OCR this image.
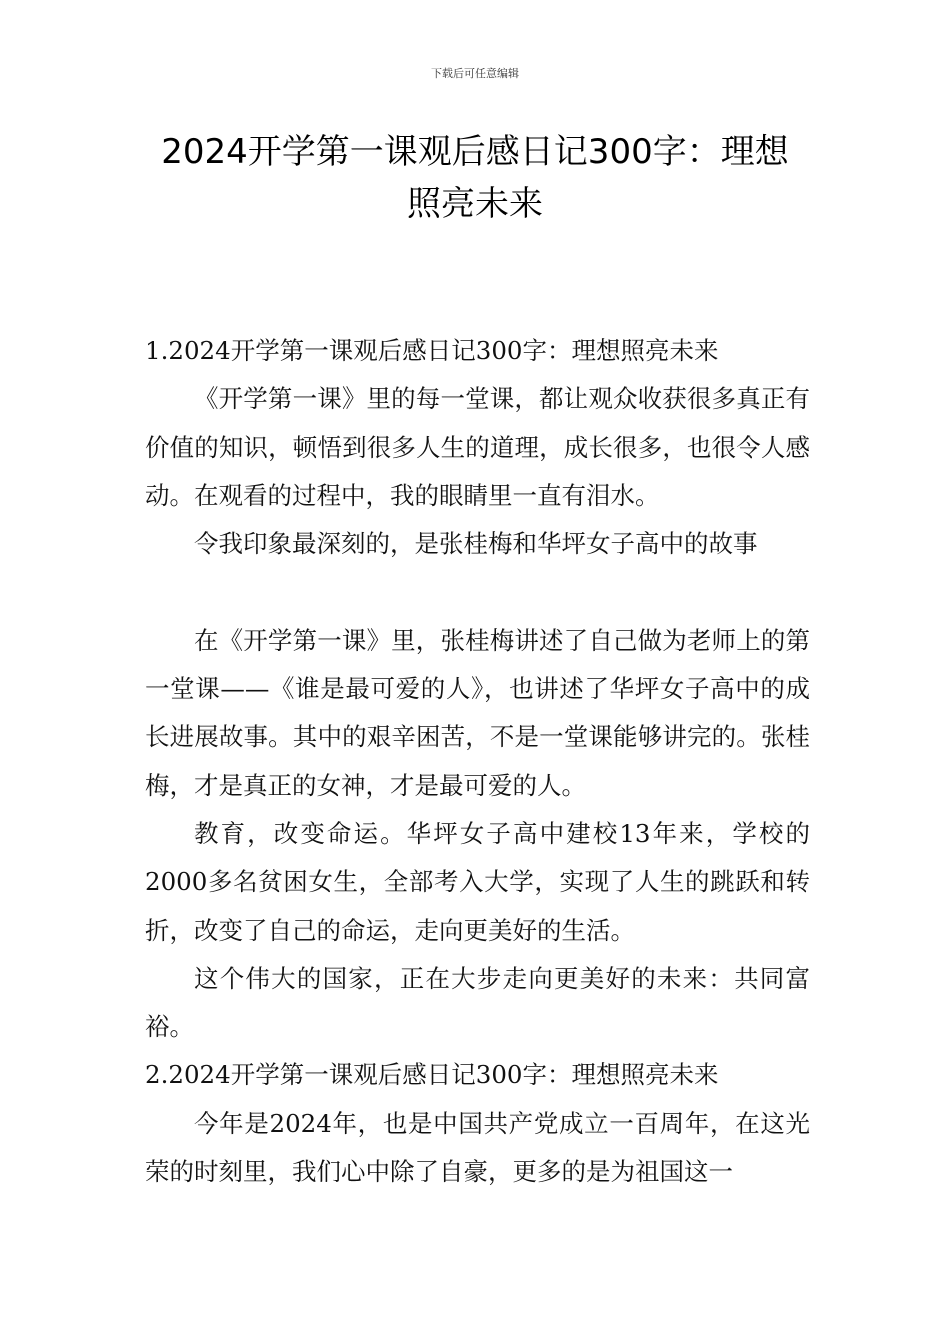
下载后可任意编辑
2024开学第一课观后感日记300字：理想
照亮未来

1.2024开学第一课观后感日记300字：理想照亮未来

《开学第一课》里的每一堂课，都让观众收获很多真正有价值的知识，顿悟到很多人生的道理，成长很多，也很令人感动。在观看的过程中，我的眼睛里一直有泪水。

令我印象最深刻的，是张桂梅和华坪女子高中的故事

在《开学第一课》里，张桂梅讲述了自己做为老师上的第一堂课——《谁是最可爱的人》，也讲述了华坪女子高中的成长进展故事。其中的艰辛困苦，不是一堂课能够讲完的。张桂梅，才是真正的女神，才是最可爱的人。

教育，改变命运。华坪女子高中建校13年来，学校的2000多名贫困女生，全部考入大学，实现了人生的跳跃和转折，改变了自己的命运，走向更美好的生活。

这个伟大的国家，正在大步走向更美好的未来：共同富裕。

2.2024开学第一课观后感日记300字：理想照亮未来

今年是2024年，也是中国共产党成立一百周年，在这光荣的时刻里，我们心中除了自豪，更多的是为祖国这一
